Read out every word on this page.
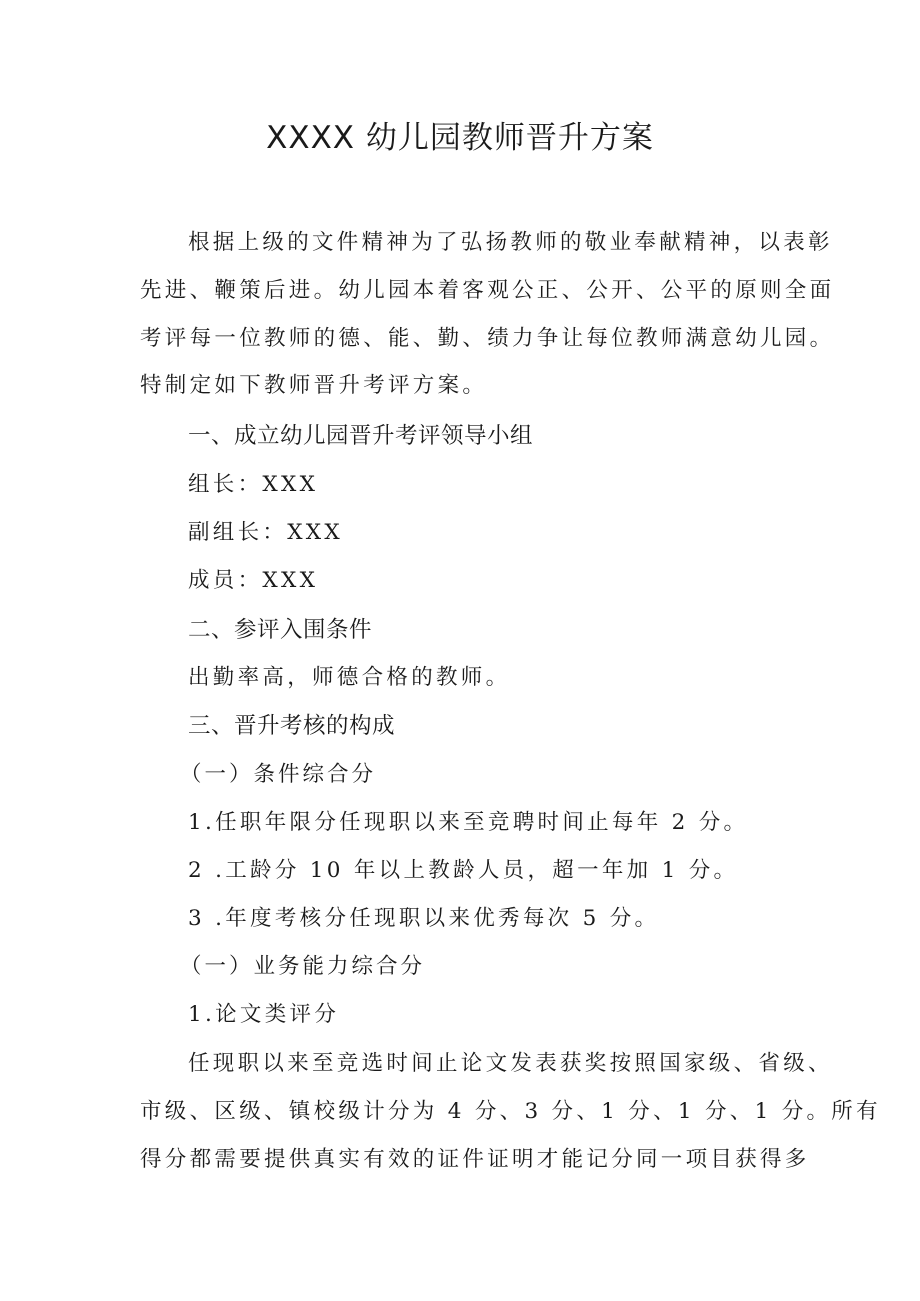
XXXX 幼儿园教师晋升方案
根据上级的文件精神为了弘扬教师的敬业奉献精神，以表彰
先进、鞭策后进。幼儿园本着客观公正、公开、公平的原则全面
考评每一位教师的德、能、勤、绩力争让每位教师满意幼儿园。
特制定如下教师晋升考评方案。
一、成立幼儿园晋升考评领导小组
组长：XXX
副组长：XXX
成员：XXX
二、参评入围条件
出勤率高，师德合格的教师。
三、晋升考核的构成
（一）条件综合分
1.任职年限分任现职以来至竞聘时间止每年 2 分。
2 .工龄分 10 年以上教龄人员，超一年加 1 分。
3 .年度考核分任现职以来优秀每次 5 分。
（一）业务能力综合分
1.论文类评分
任现职以来至竞选时间止论文发表获奖按照国家级、省级、
市级、区级、镇校级计分为 4 分、3 分、1 分、1 分、1 分。所有
得分都需要提供真实有效的证件证明才能记分同一项目获得多
